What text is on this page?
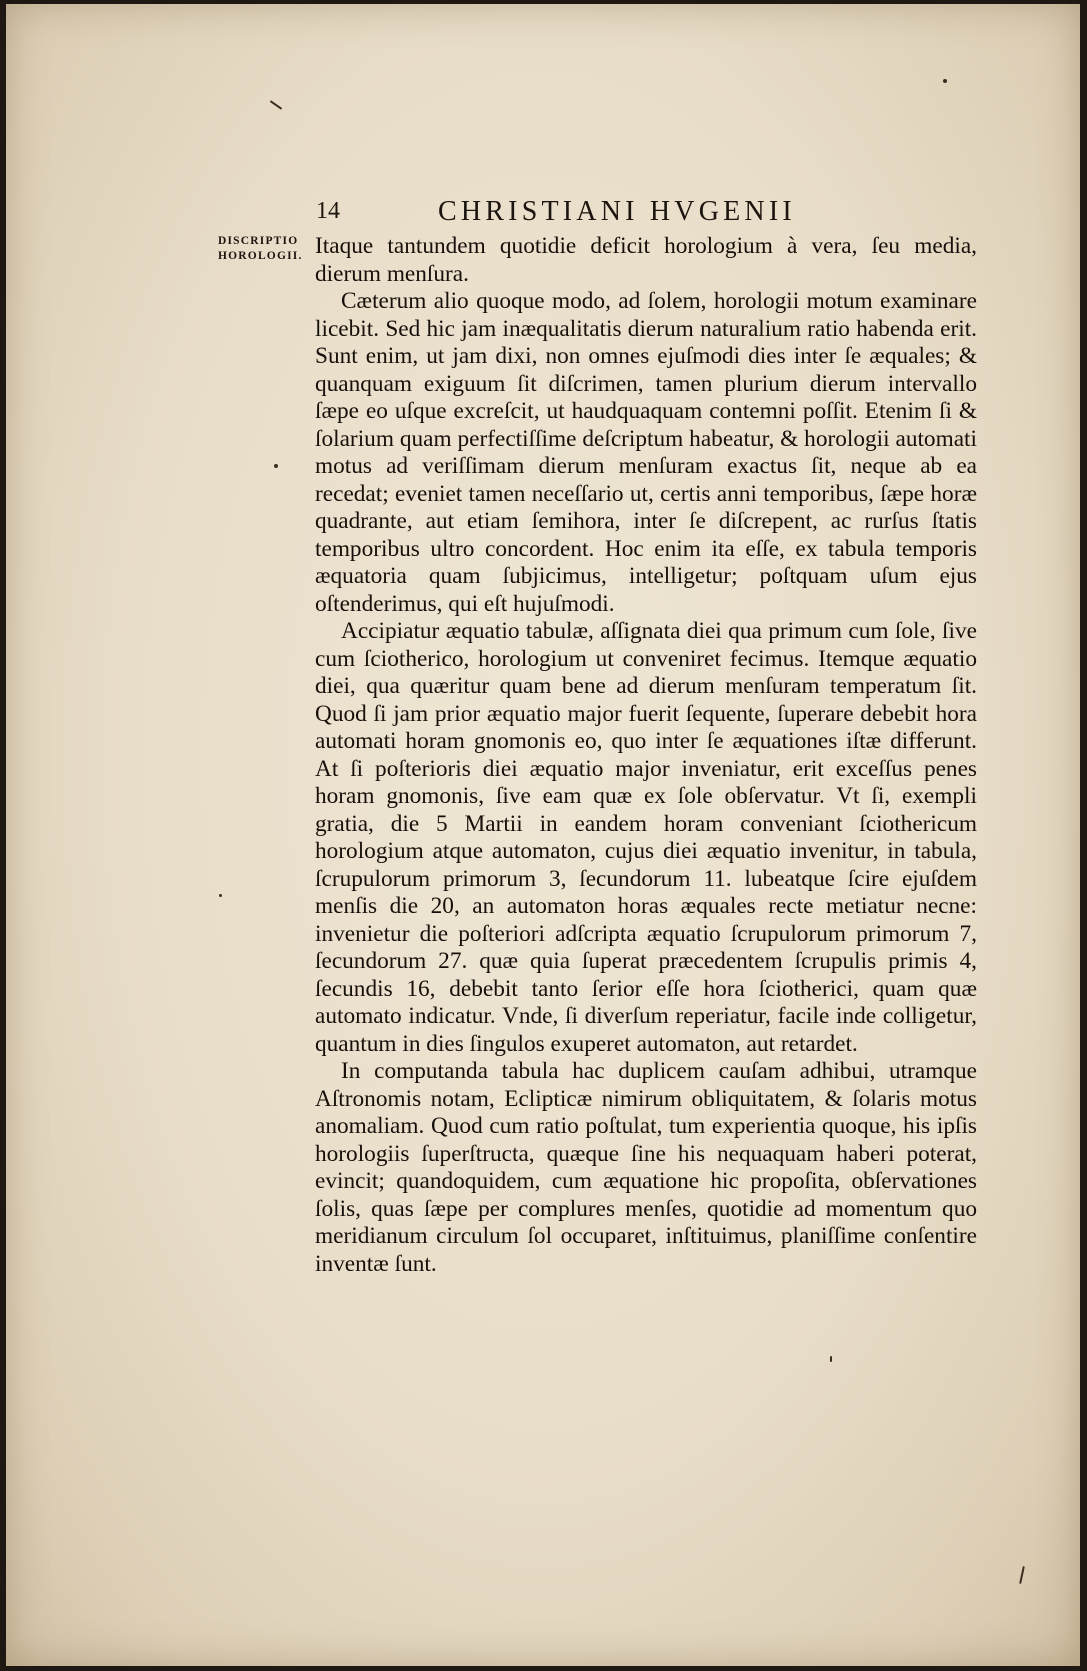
14	CHRISTIANI HVGENII
DISCRIPTIO
HOROLOGII. Itaque tantundem quotidie deficit horologium à vera, ſeu media, dierum menſura.

Cæterum alio quoque modo, ad ſolem, horologii motum examinare licebit. Sed hic jam inæqualitatis dierum naturalium ratio habenda erit. Sunt enim, ut jam dixi, non omnes ejuſmodi dies inter ſe æquales; & quanquam exiguum ſit diſcrimen, tamen plurium dierum intervallo ſæpe eo uſque excreſcit, ut haudquaquam contemni poſſit. Etenim ſi & ſolarium quam perfectiſſime deſcriptum habeatur, & horologii automati motus ad veriſſimam dierum menſuram exactus ſit, neque ab ea recedat; eveniet tamen neceſſario ut, certis anni temporibus, ſæpe horæ quadrante, aut etiam ſemihora, inter ſe diſcrepent, ac rurſus ſtatis temporibus ultro concordent. Hoc enim ita eſſe, ex tabula temporis æquatoria quam ſubjicimus, intelligetur; poſtquam uſum ejus oſtenderimus, qui eſt hujuſmodi.

Accipiatur æquatio tabulæ, aſſignata diei qua primum cum ſole, ſive cum ſciotherico, horologium ut conveniret fecimus. Itemque æquatio diei, qua quæritur quam bene ad dierum menſuram temperatum ſit. Quod ſi jam prior æquatio major fuerit ſequente, ſuperare debebit hora automati horam gnomonis eo, quo inter ſe æquationes iſtæ differunt. At ſi poſterioris diei æquatio major inveniatur, erit exceſſus penes horam gnomonis, ſive eam quæ ex ſole obſervatur. Vt ſi, exempli gratia, die 5 Martii in eandem horam conveniant ſciothericum horologium atque automaton, cujus diei æquatio invenitur, in tabula, ſcrupulorum primorum 3, ſecundorum 11. lubeatque ſcire ejuſdem menſis die 20, an automaton horas æquales recte metiatur necne: invenietur die poſteriori adſcripta æquatio ſcrupulorum primorum 7, ſecundorum 27. quæ quia ſuperat præcedentem ſcrupulis primis 4, ſecundis 16, debebit tanto ſerior eſſe hora ſciotherici, quam quæ automato indicatur. Vnde, ſi diverſum reperiatur, facile inde colligetur, quantum in dies ſingulos exuperet automaton, aut retardet.

In computanda tabula hac duplicem cauſam adhibui, utramque Aſtronomis notam, Eclipticæ nimirum obliquitatem, & ſolaris motus anomaliam. Quod cum ratio poſtulat, tum experientia quoque, his ipſis horologiis ſuperſtructa, quæque ſine his nequaquam haberi poterat, evincit; quandoquidem, cum æquatione hic propoſita, obſervationes ſolis, quas ſæpe per complures menſes, quotidie ad momentum quo meridianum circulum ſol occuparet, inſtituimus, planiſſime conſentire inventæ ſunt.
